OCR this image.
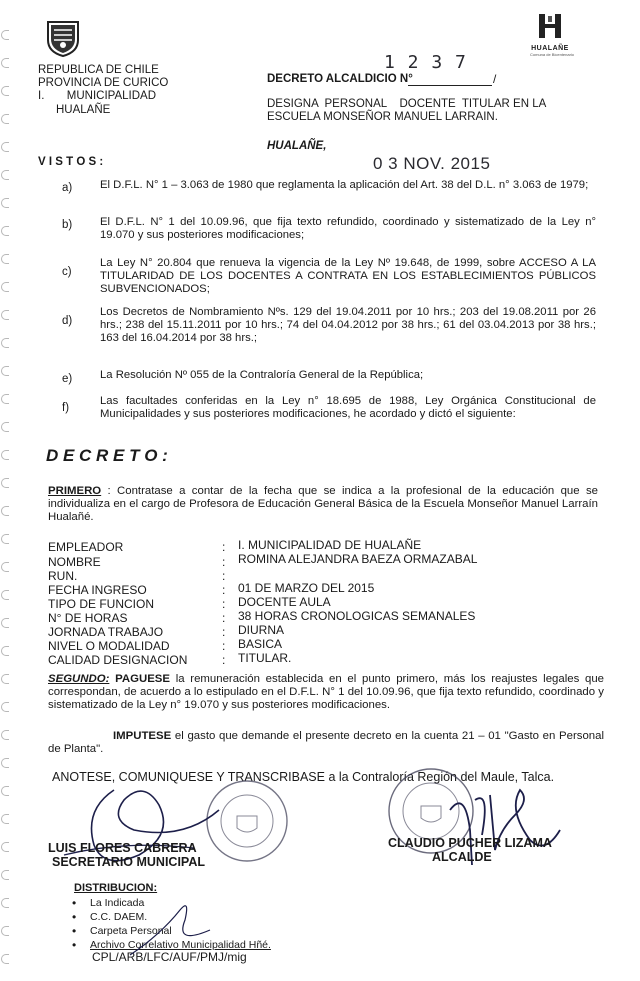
REPUBLICA DE CHILE
PROVINCIA DE CURICO
I.       MUNICIPALIDAD
HUALAÑE
HUALAÑE
Comuna de Bicentenario
1 2 3 7
DECRETO ALCALDICIO N°	/
DESIGNA  PERSONAL    DOCENTE  TITULAR EN LA ESCUELA MONSEÑOR MANUEL LARRAIN.
HUALAÑE,
0 3 NOV. 2015
V I S T O S :
a) El D.F.L. N° 1 – 3.063 de 1980 que reglamenta la aplicación del Art. 38 del D.L. n° 3.063 de 1979;
b) El D.F.L. N° 1 del 10.09.96, que fija texto refundido, coordinado y sistematizado de la Ley n° 19.070 y sus posteriores modificaciones;
c)
La Ley N° 20.804 que renueva la vigencia de la Ley Nº 19.648, de 1999, sobre ACCESO A LA TITULARIDAD DE LOS DOCENTES A CONTRATA EN LOS ESTABLECIMIENTOS PÚBLICOS SUBVENCIONADOS;
d)
Los Decretos de Nombramiento Nºs. 129 del 19.04.2011 por 10 hrs.; 203 del 19.08.2011 por 26 hrs.; 238 del 15.11.2011 por 10 hrs.; 74 del 04.04.2012 por 38 hrs.; 61 del 03.04.2013 por 38 hrs.; 163 del 16.04.2014 por 38 hrs.;
e) La Resolución Nº 055 de la Contraloría General de la República;
f)
Las facultades conferidas en la Ley n° 18.695 de 1988, Ley Orgánica Constitucional de Municipalidades y sus posteriores modificaciones, he acordado y dictó el siguiente:
D E C R E T O :
PRIMERO : Contratase a contar de la fecha que se indica a la profesional de la educación que se individualiza en el cargo de Profesora de Educación General Básica de la Escuela Monseñor Manuel Larraín Hualañé.
EMPLEADOR	: I. MUNICIPALIDAD DE HUALAÑE
NOMBRE	: ROMINA ALEJANDRA BAEZA ORMAZABAL
RUN.	:
FECHA INGRESO	: 01 DE MARZO DEL 2015
TIPO DE FUNCION	: DOCENTE AULA
N° DE HORAS	: 38 HORAS CRONOLOGICAS SEMANALES
JORNADA TRABAJO	: DIURNA
NIVEL O MODALIDAD	: BASICA
CALIDAD DESIGNACION	: TITULAR.
SEGUNDO: PAGUESE la remuneración establecida en el punto primero, más los reajustes legales que correspondan, de acuerdo a lo estipulado en el D.F.L. N° 1 del 10.09.96, que fija texto refundido, coordinado y sistematizado de la Ley n° 19.070 y sus posteriores modificaciones.
IMPUTESE el gasto que demande el presente decreto en la cuenta 21 – 01 "Gasto en Personal de Planta".
ANOTESE, COMUNIQUESE Y TRANSCRIBASE a la Contraloría Región del Maule, Talca.
LUIS FLORES CABRERA
SECRETARIO MUNICIPAL
CLAUDIO PUCHER LIZAMA
ALCALDE
DISTRIBUCION:
• La Indicada
• C.C. DAEM.
• Carpeta Personal
• Archivo Correlativo Municipalidad Hñé.
CPL/ARB/LFC/AUF/PMJ/mig
